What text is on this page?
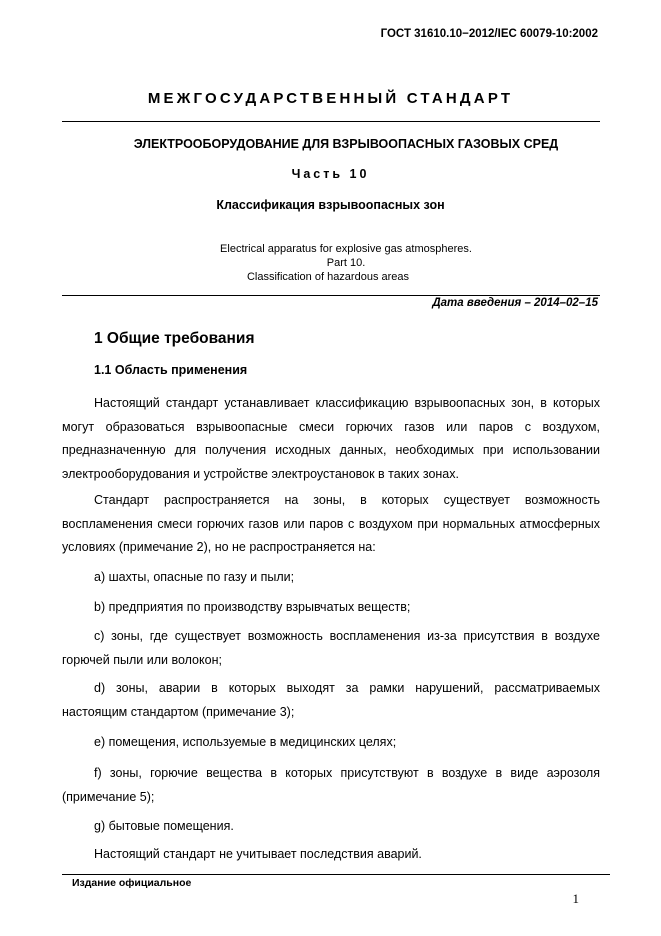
ГОСТ 31610.10−2012/IEC 60079-10:2002
МЕЖГОСУДАРСТВЕННЫЙ СТАНДАРТ
ЭЛЕКТРООБОРУДОВАНИЕ ДЛЯ ВЗРЫВООПАСНЫХ ГАЗОВЫХ СРЕД
Часть 10
Классификация взрывоопасных зон
Electrical apparatus for explosive gas atmospheres.
Part 10.
Classification of hazardous areas
Дата введения – 2014–02–15
1 Общие требования
1.1 Область применения

Настоящий стандарт устанавливает классификацию взрывоопасных зон, в которых могут образоваться взрывоопасные смеси горючих газов или паров с воздухом, предназначенную для получения исходных данных, необходимых при использовании электрооборудования и устройстве электроустановок в таких зонах.

Стандарт распространяется на зоны, в которых существует возможность воспламенения смеси горючих газов или паров с воздухом при нормальных атмосферных условиях (примечание 2), но не распространяется на:

а) шахты, опасные по газу и пыли;
b) предприятия по производству взрывчатых веществ;

с) зоны, где существует возможность воспламенения из-за присутствия в воздухе горючей пыли или волокон;

d) зоны, аварии в которых выходят за рамки нарушений, рассматриваемых настоящим стандартом (примечание 3);

е) помещения, используемые в медицинских целях;

f) зоны, горючие вещества в которых присутствуют в воздухе в виде аэрозоля (примечание 5);

g) бытовые помещения.
Настоящий стандарт не учитывает последствия аварий.
Издание официальное
1
